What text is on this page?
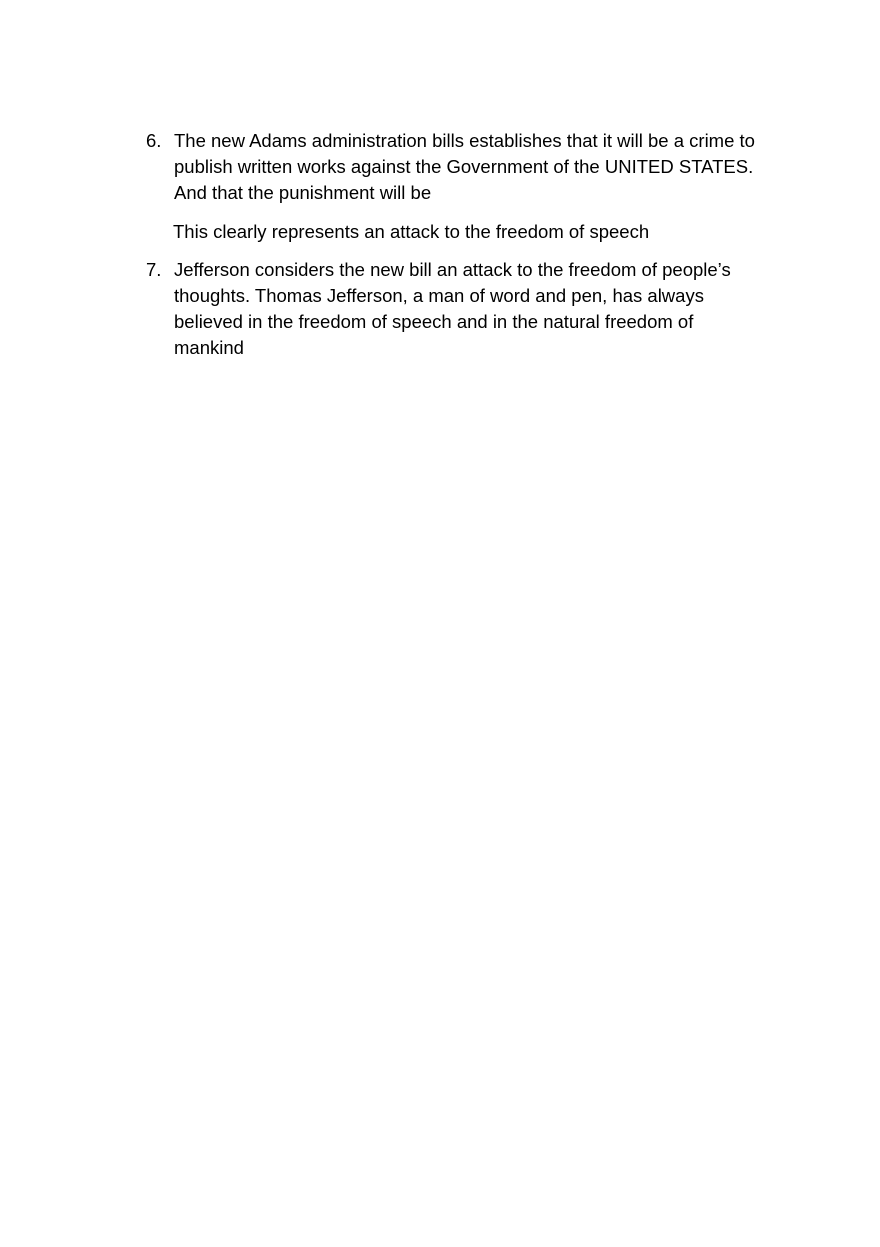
6. The new Adams administration bills establishes that it will be a crime to publish written works against the Government of the UNITED STATES. And that the punishment will be
This clearly represents an attack to the freedom of speech
7. Jefferson considers the new bill an attack to the freedom of people’s thoughts. Thomas Jefferson, a man of word and pen, has always believed in the freedom of speech and in the natural freedom of mankind
